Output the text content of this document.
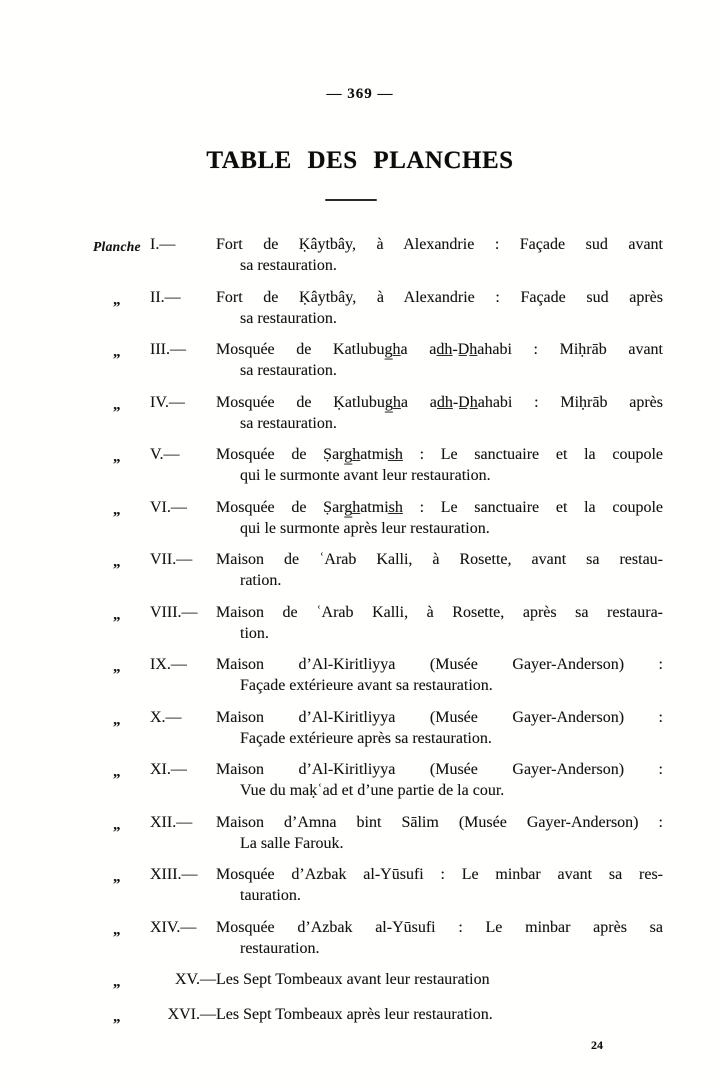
— 369 —
TABLE DES PLANCHES
Planche I.—	Fort de Ḳâytbây, à Alexandrie : Façade sud avant
sa restauration.
„	II.— Fort de Ḳâytbây, à Alexandrie : Façade sud après
sa restauration.
„	III.— Mosquée de Katlubug̲h̲a ad̲h̲-D̲h̲ahabi : Miḥrāb avant
sa restauration.
„	IV.— Mosquée de Ḳatlubug̲h̲a ad̲h̲-D̲h̲ahabi : Miḥrāb après
sa restauration.
„	V.— Mosquée de Ṣarg̲h̲atmis̲h̲ : Le sanctuaire et la coupole
qui le surmonte avant leur restauration.
„	VI.— Mosquée de Ṣarg̲h̲atmis̲h̲ : Le sanctuaire et la coupole
qui le surmonte après leur restauration.
„	VII.— Maison de ʿArab Kalli, à Rosette, avant sa restau-
ration.
„	VIII.— Maison de ʿArab Kalli, à Rosette, après sa restaura-
tion.
„	IX.— Maison d’Al-Kiritliyya (Musée Gayer-Anderson) :
Façade extérieure avant sa restauration.
„	X.— Maison d’Al-Kiritliyya (Musée Gayer-Anderson) :
Façade extérieure après sa restauration.
„	XI.— Maison d’Al-Kiritliyya (Musée Gayer-Anderson) :
Vue du maḳʿad et d’une partie de la cour.
„	XII.— Maison d’Amna bint Sālim (Musée Gayer-Anderson) :
La salle Farouk.
„	XIII.— Mosquée d’Azbak al-Yūsufi : Le minbar avant sa res-
tauration.
„	XIV.— Mosquée d’Azbak al-Yūsufi : Le minbar après sa
restauration.
„	XV.—Les Sept Tombeaux avant leur restauration
„	XVI.—Les Sept Tombeaux après leur restauration.
24
